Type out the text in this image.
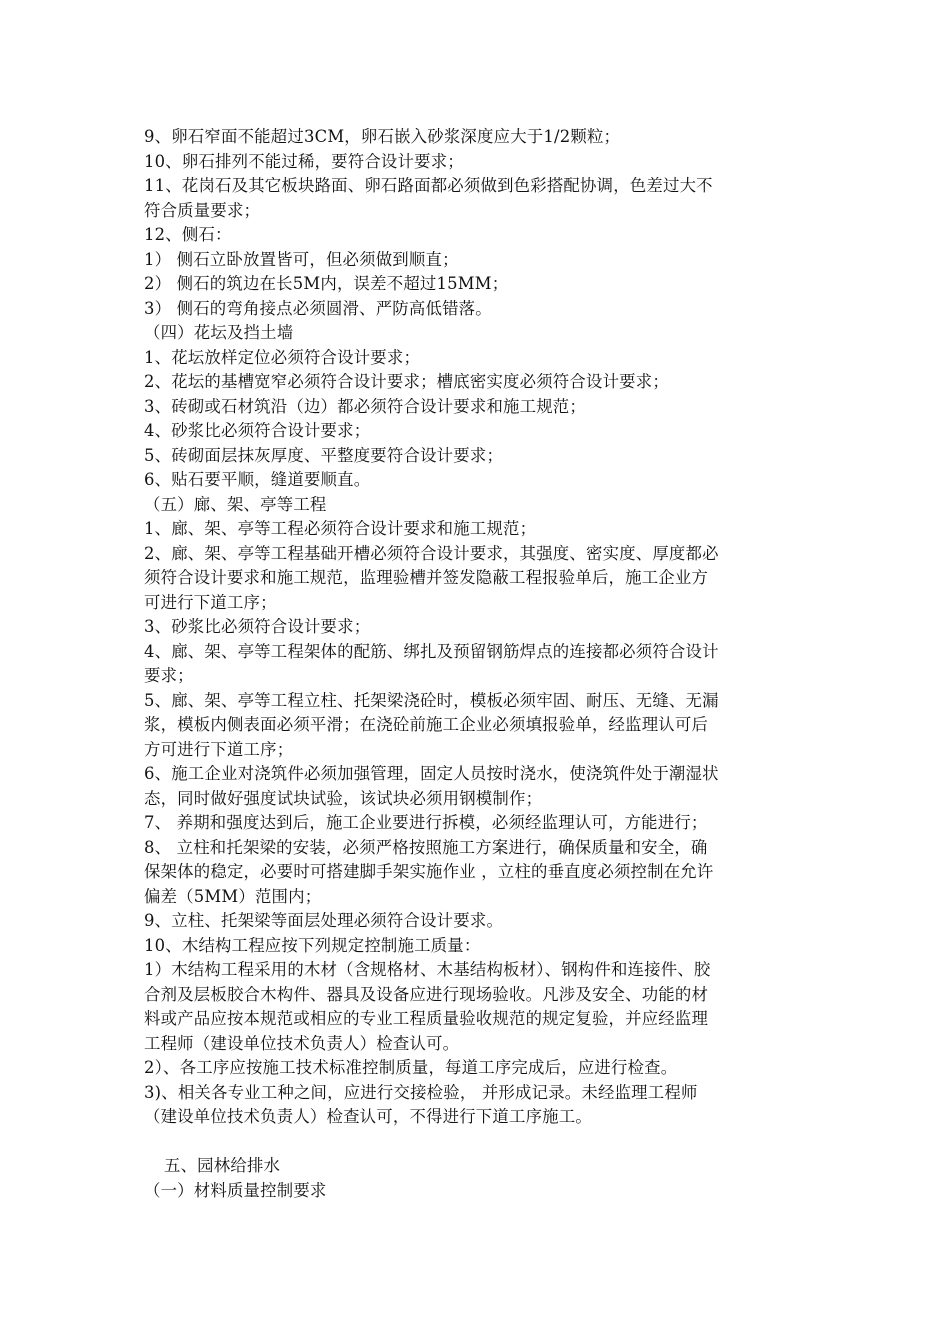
9、卵石窄面不能超过3CM，卵石嵌入砂浆深度应大于1/2颗粒；
10、卵石排列不能过稀，要符合设计要求；
11、花岗石及其它板块路面、卵石路面都必须做到色彩搭配协调，色差过大不
符合质量要求；
12、侧石：
1） 侧石立卧放置皆可，但必须做到顺直；
2） 侧石的筑边在长5M内，误差不超过15MM；
3） 侧石的弯角接点必须圆滑、严防高低错落。
（四）花坛及挡土墙
1、花坛放样定位必须符合设计要求；
2、花坛的基槽宽窄必须符合设计要求；槽底密实度必须符合设计要求；
3、砖砌或石材筑沿（边）都必须符合设计要求和施工规范；
4、砂浆比必须符合设计要求；
5、砖砌面层抹灰厚度、平整度要符合设计要求；
6、贴石要平顺，缝道要顺直。
（五）廊、架、亭等工程
1、廊、架、亭等工程必须符合设计要求和施工规范；
2、廊、架、亭等工程基础开槽必须符合设计要求，其强度、密实度、厚度都必
须符合设计要求和施工规范，监理验槽并签发隐蔽工程报验单后，施工企业方
可进行下道工序；
3、砂浆比必须符合设计要求；
4、廊、架、亭等工程架体的配筋、绑扎及预留钢筋焊点的连接都必须符合设计
要求；
5、廊、架、亭等工程立柱、托架梁浇砼时，模板必须牢固、耐压、无缝、无漏
浆，模板内侧表面必须平滑；在浇砼前施工企业必须填报验单，经监理认可后
方可进行下道工序；
6、施工企业对浇筑件必须加强管理，固定人员按时浇水，使浇筑件处于潮湿状
态，同时做好强度试块试验，该试块必须用钢模制作；
7、 养期和强度达到后，施工企业要进行拆模，必须经监理认可，方能进行；
8、 立柱和托架梁的安装，必须严格按照施工方案进行，确保质量和安全，确
保架体的稳定，必要时可搭建脚手架实施作业 ，立柱的垂直度必须控制在允许
偏差（5MM）范围内；
9、立柱、托架梁等面层处理必须符合设计要求。
10、木结构工程应按下列规定控制施工质量：
1）木结构工程采用的木材（含规格材、木基结构板材）、钢构件和连接件、胶
合剂及层板胶合木构件、器具及设备应进行现场验收。凡涉及安全、功能的材
料或产品应按本规范或相应的专业工程质量验收规范的规定复验，并应经监理
工程师（建设单位技术负责人）检查认可。
2）、各工序应按施工技术标准控制质量，每道工序完成后，应进行检查。
3)、相关各专业工种之间，应进行交接检验， 并形成记录。未经监理工程师
（建设单位技术负责人）检查认可，不得进行下道工序施工。
五、园林给排水
（一）材料质量控制要求
